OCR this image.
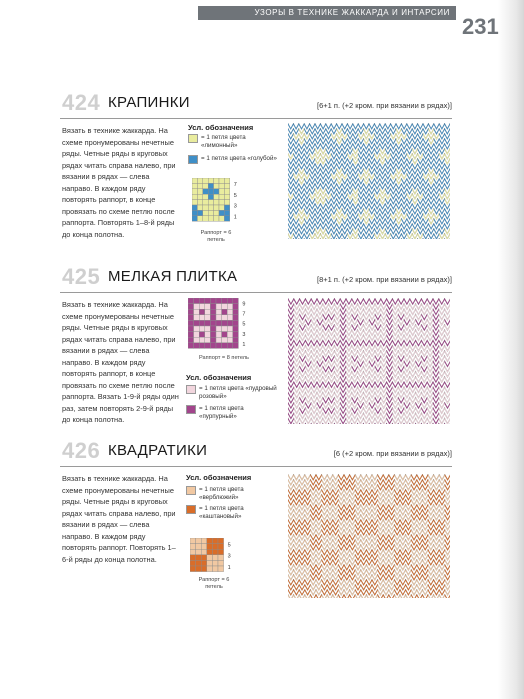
УЗОРЫ В ТЕХНИКЕ ЖАККАРДА И ИНТАРСИИ
231
424 КРАПИНКИ	[6+1 п. (+2 кром. при вязании в рядах)]
Вязать в технике жаккарда. На схеме пронумерованы нечетные ряды. Четные ряды в круговых рядах читать справа налево, при вязании в рядах — слева направо. В каждом ряду повторять раппорт, в конце провязать по схеме петлю после раппорта. Повторять 1–8-й ряды до конца полотна.
Усл. обозначения
= 1 петля цвета «лимонный»
= 1 петля цвета «голубой»
7
5
3
1
Раппорт = 6 петель
425 МЕЛКАЯ ПЛИТКА	[8+1 п. (+2 кром. при вязании в рядах)]
Вязать в технике жаккарда. На схеме пронумерованы нечетные ряды. Четные ряды в круговых рядах читать справа налево, при вязании в рядах — слева направо. В каждом ряду повторять раппорт, в конце провязать по схеме петлю после раппорта. Вязать 1-9-й ряды один раз, затем повторять 2-9-й ряды до конца полотна.
9
7
5
3
1
Раппорт = 8 петель
Усл. обозначения
= 1 петля цвета «пудровый розовый»
= 1 петля цвета «пурпурный»
426 КВАДРАТИКИ	[6 (+2 кром. при вязании в рядах)]
Вязать в технике жаккарда. На схеме пронумерованы нечетные ряды. Четные ряды в круговых рядах читать справа налево, при вязании в рядах — слева направо. В каждом ряду повторять раппорт. Повторять 1–6-й ряды до конца полотна.
Усл. обозначения
= 1 петля цвета «верблюжий»
= 1 петля цвета «каштановый»
5
3
1
Раппорт = 6 петель
